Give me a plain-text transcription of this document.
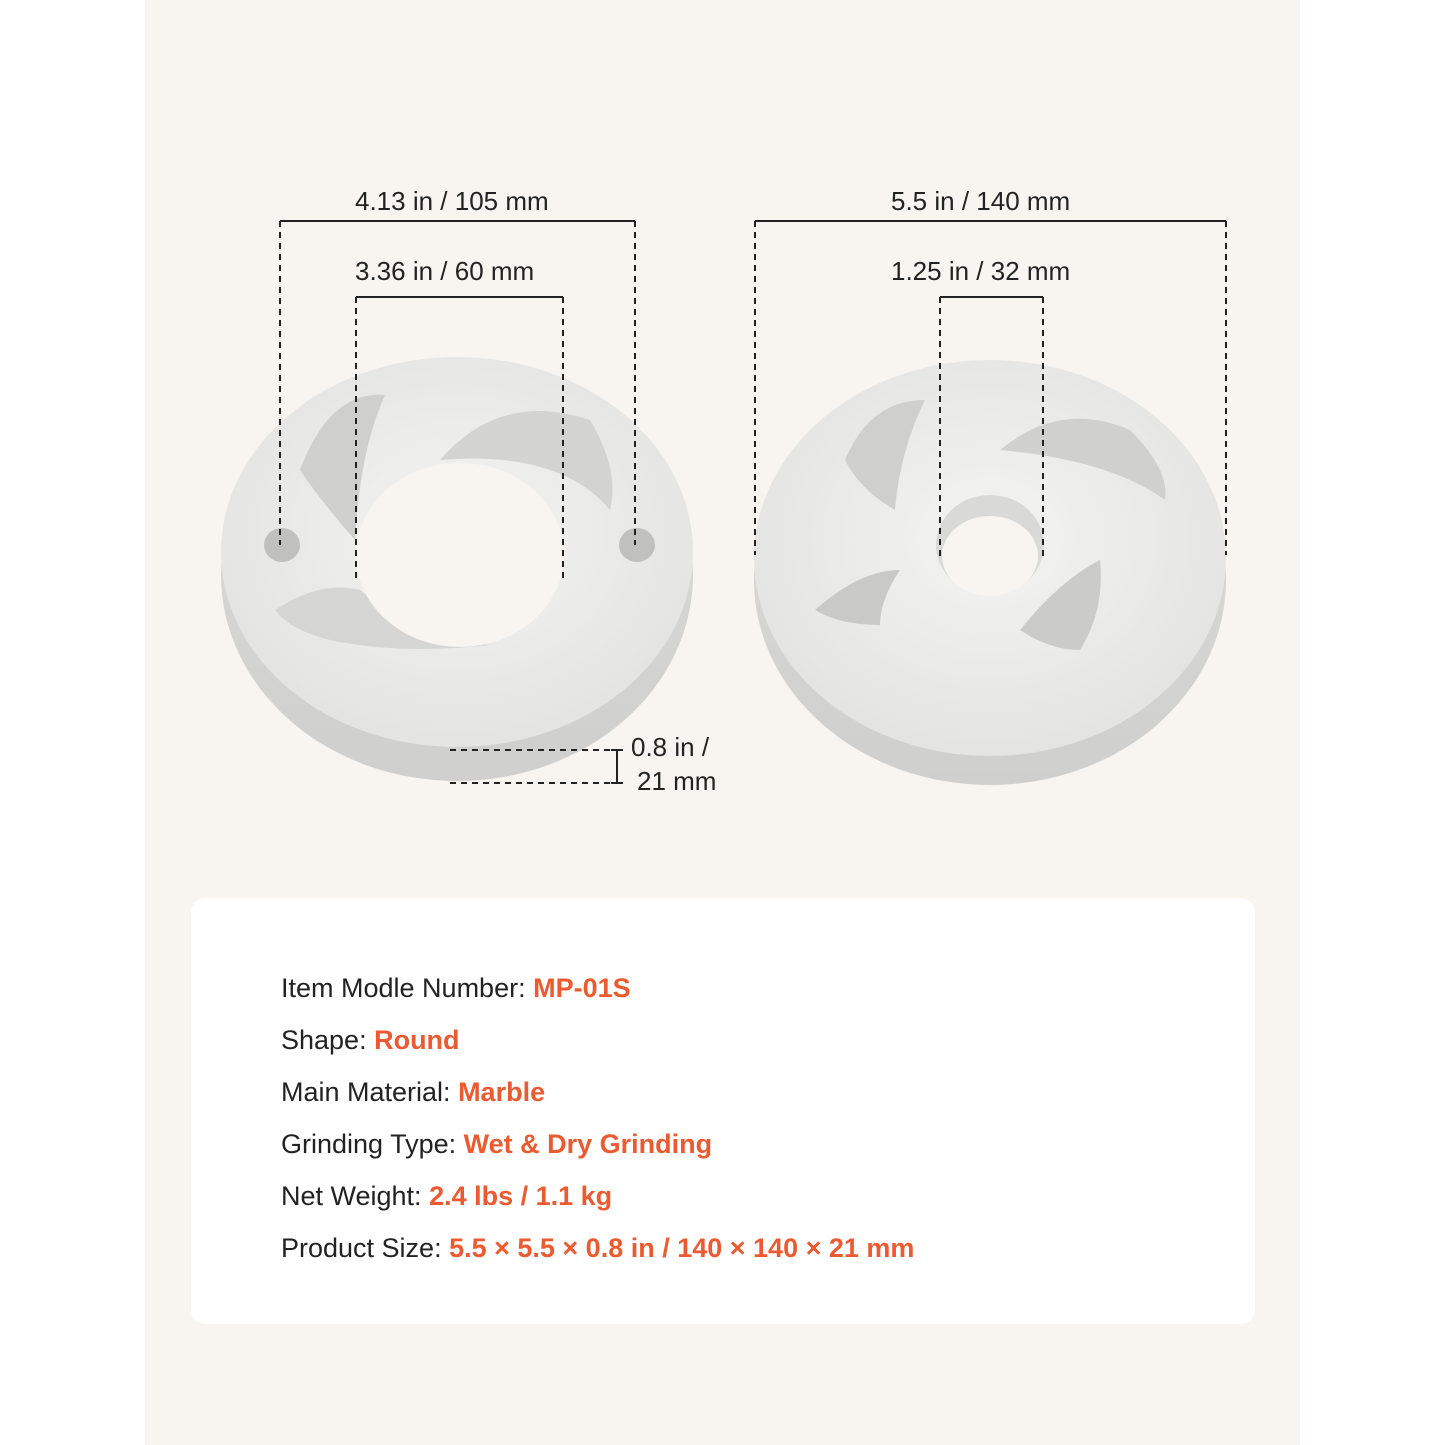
4.13 in / 105 mm
3.36 in / 60 mm
5.5 in / 140 mm
1.25 in / 32 mm
0.8 in /
21 mm
Item Modle Number: MP-01S
Shape: Round
Main Material: Marble
Grinding Type: Wet & Dry Grinding
Net Weight: 2.4 lbs / 1.1 kg
Product Size: 5.5 × 5.5 × 0.8 in / 140 × 140 × 21 mm
